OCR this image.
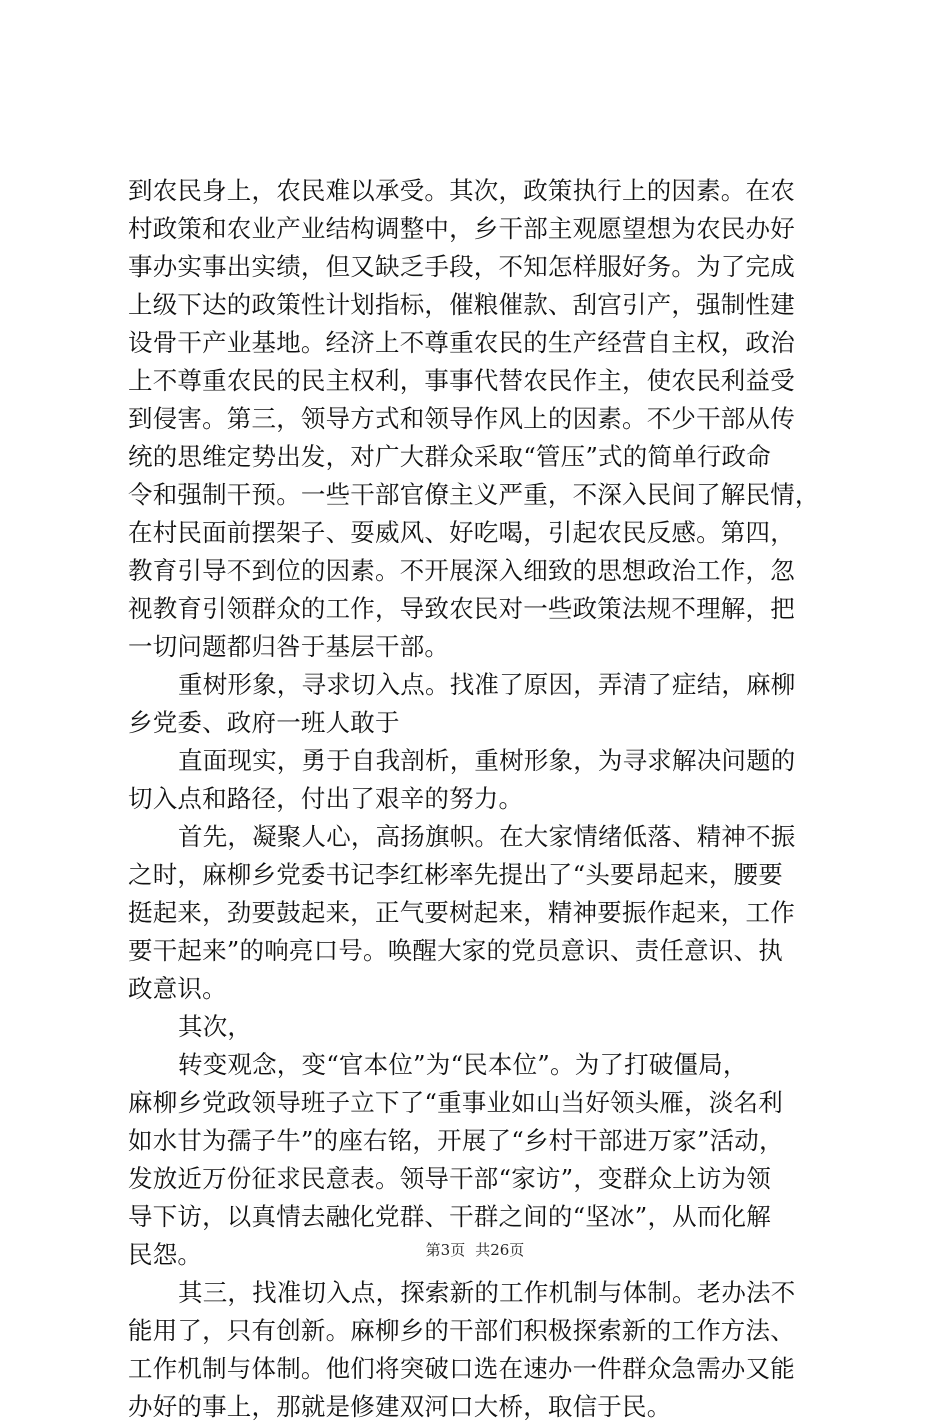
到农民身上，农民难以承受。其次，政策执行上的因素。在农
村政策和农业产业结构调整中，乡干部主观愿望想为农民办好
事办实事出实绩，但又缺乏手段，不知怎样服好务。为了完成
上级下达的政策性计划指标，催粮催款、刮宫引产，强制性建
设骨干产业基地。经济上不尊重农民的生产经营自主权，政治
上不尊重农民的民主权利，事事代替农民作主，使农民利益受
到侵害。第三，领导方式和领导作风上的因素。不少干部从传
统的思维定势出发，对广大群众采取“管压”式的简单行政命
令和强制干预。一些干部官僚主义严重，不深入民间了解民情，
在村民面前摆架子、耍威风、好吃喝，引起农民反感。第四，
教育引导不到位的因素。不开展深入细致的思想政治工作，忽
视教育引领群众的工作，导致农民对一些政策法规不理解，把
一切问题都归咎于基层干部。
重树形象，寻求切入点。找准了原因，弄清了症结，麻柳
乡党委、政府一班人敢于
直面现实，勇于自我剖析，重树形象，为寻求解决问题的
切入点和路径，付出了艰辛的努力。
首先，凝聚人心，高扬旗帜。在大家情绪低落、精神不振
之时，麻柳乡党委书记李红彬率先提出了“头要昂起来，腰要
挺起来，劲要鼓起来，正气要树起来，精神要振作起来，工作
要干起来”的响亮口号。唤醒大家的党员意识、责任意识、执
政意识。
其次，
转变观念，变“官本位”为“民本位”。为了打破僵局，
麻柳乡党政领导班子立下了“重事业如山当好领头雁，淡名利
如水甘为孺子牛”的座右铭，开展了“乡村干部进万家”活动，
发放近万份征求民意表。领导干部“家访”，变群众上访为领
导下访，以真情去融化党群、干群之间的“坚冰”，从而化解
民怨。
其三，找准切入点，探索新的工作机制与体制。老办法不
能用了，只有创新。麻柳乡的干部们积极探索新的工作方法、
工作机制与体制。他们将突破口选在速办一件群众急需办又能
办好的事上，那就是修建双河口大桥，取信于民。
第3页 共26页
